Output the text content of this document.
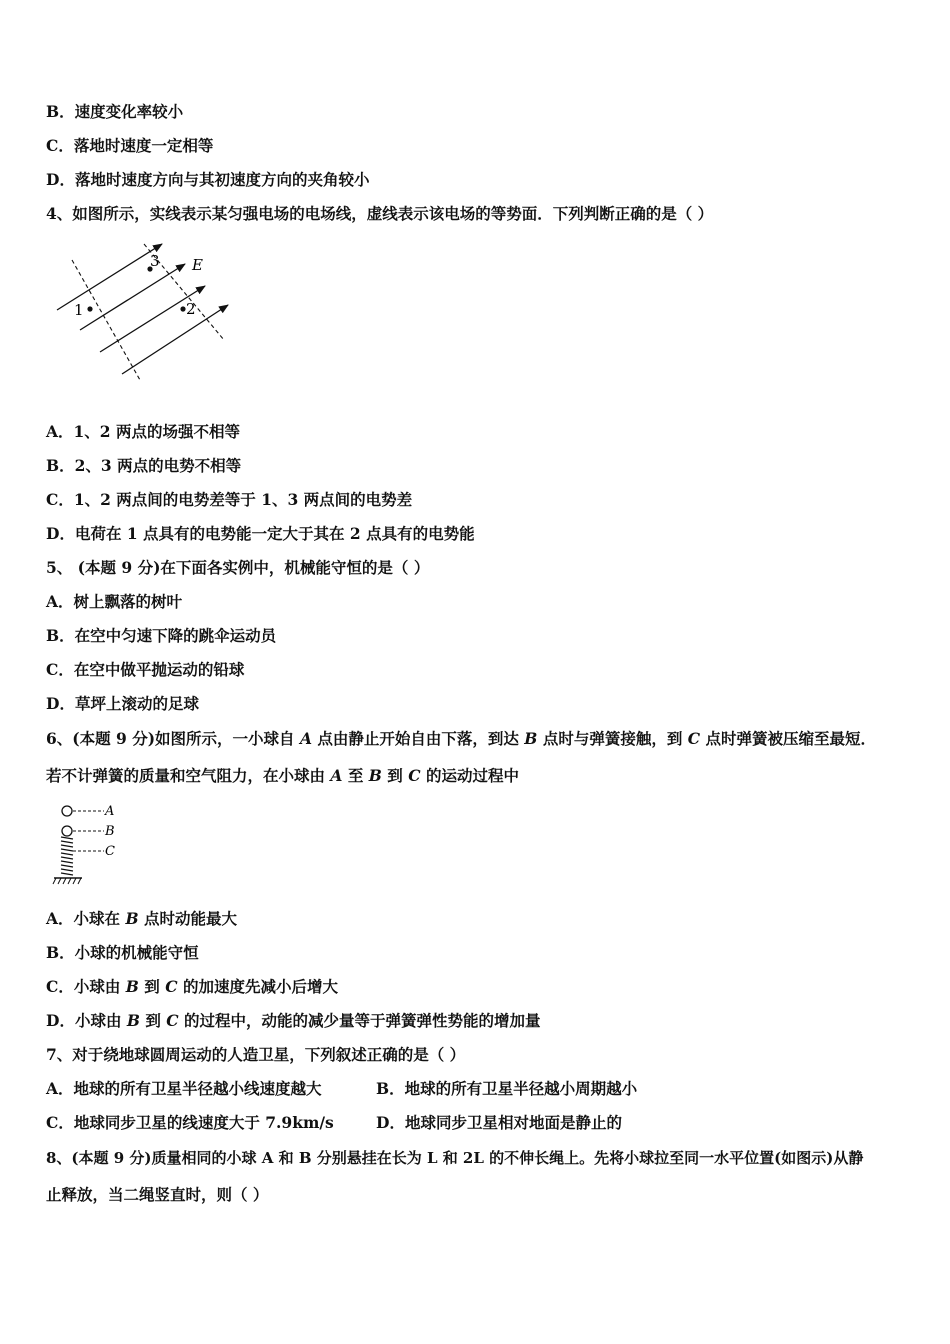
B．速度变化率较小
C．落地时速度一定相等
D．落地时速度方向与其初速度方向的夹角较小
4、如图所示，实线表示某匀强电场的电场线，虚线表示该电场的等势面．下列判断正确的是（ ）
1
3
2
E
A．1、2 两点的场强不相等
B．2、3 两点的电势不相等
C．1、2 两点间的电势差等于 1、3 两点间的电势差
D．电荷在 1 点具有的电势能一定大于其在 2 点具有的电势能
5、 (本题 9 分)在下面各实例中，机械能守恒的是（ ）
A．树上飘落的树叶
B．在空中匀速下降的跳伞运动员
C．在空中做平抛运动的铅球
D．草坪上滚动的足球
6、(本题 9 分)如图所示，一小球自 A 点由静止开始自由下落，到达 B 点时与弹簧接触，到 C 点时弹簧被压缩至最短．
若不计弹簧的质量和空气阻力，在小球由 A 至 B 到 C 的运动过程中
A
B
C
A．小球在 B 点时动能最大
B．小球的机械能守恒
C．小球由 B 到 C 的加速度先减小后增大
D．小球由 B 到 C 的过程中，动能的减少量等于弹簧弹性势能的增加量
7、对于绕地球圆周运动的人造卫星，下列叙述正确的是（ ）
A．地球的所有卫星半径越小线速度越大	B．地球的所有卫星半径越小周期越小
C．地球同步卫星的线速度大于 7.9km/s	D．地球同步卫星相对地面是静止的
8、(本题 9 分)质量相同的小球 A 和 B 分别悬挂在长为 L 和 2L 的不伸长绳上。先将小球拉至同一水平位置(如图示)从静
止释放，当二绳竖直时，则（ ）
